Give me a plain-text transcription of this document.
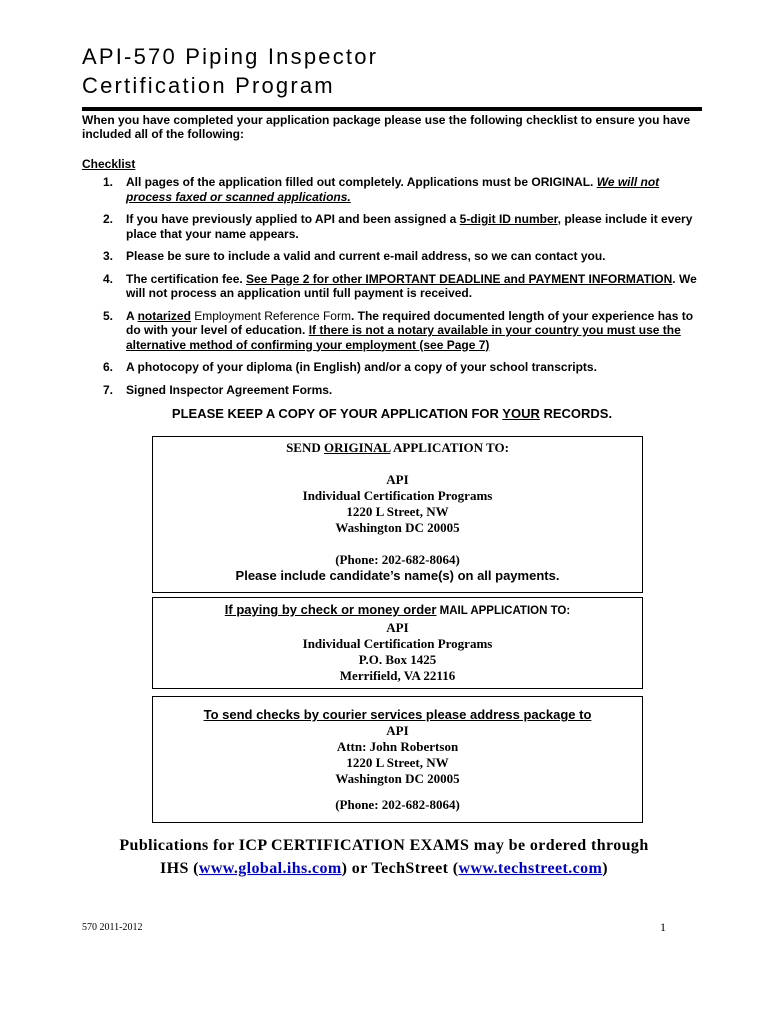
API-570 Piping Inspector
Certification Program
When you have completed your application package please use the following checklist to ensure you have included all of the following:
Checklist
1.	All pages of the application filled out completely. Applications must be ORIGINAL. We will not process faxed or scanned applications.
2.	If you have previously applied to API and been assigned a 5-digit ID number, please include it every place that your name appears.
3.	Please be sure to include a valid and current e-mail address, so we can contact you.
4.	The certification fee. See Page 2 for other IMPORTANT DEADLINE and PAYMENT INFORMATION. We will not process an application until full payment is received.
5.	A notarized Employment Reference Form. The required documented length of your experience has to do with your level of education. If there is not a notary available in your country you must use the alternative method of confirming your employment (see Page 7)
6.	A photocopy of your diploma (in English) and/or a copy of your school transcripts.
7.	Signed Inspector Agreement Forms.
PLEASE KEEP A COPY OF YOUR APPLICATION FOR YOUR RECORDS.
SEND ORIGINAL APPLICATION TO:
API
Individual Certification Programs
1220 L Street, NW
Washington DC 20005
(Phone: 202-682-8064)
Please include candidate’s name(s) on all payments.
If paying by check or money order MAIL APPLICATION TO:
API
Individual Certification Programs
P.O. Box 1425
Merrifield, VA 22116
To send checks by courier services please address package to
API
Attn: John Robertson
1220 L Street, NW
Washington DC 20005
(Phone: 202-682-8064)
Publications for ICP CERTIFICATION EXAMS may be ordered through
IHS (www.global.ihs.com) or TechStreet (www.techstreet.com)
570 2011-2012	1
